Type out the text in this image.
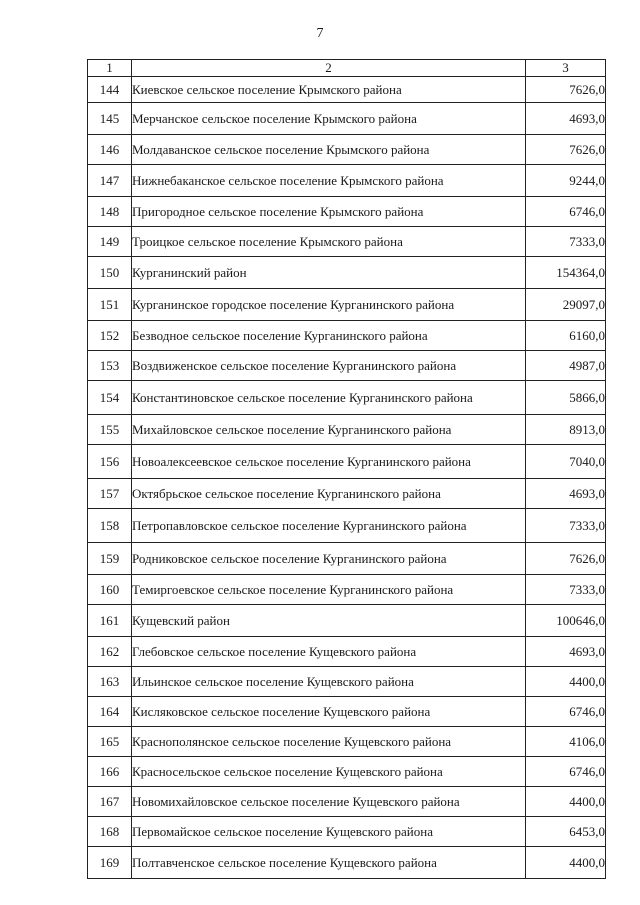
7
1	2	3
144	Киевское сельское поселение Крымского района	7626,0
145	Мерчанское сельское поселение Крымского района	4693,0
146	Молдаванское сельское поселение Крымского района	7626,0
147	Нижнебаканское сельское поселение Крымского района	9244,0
148	Пригородное сельское поселение Крымского района	6746,0
149	Троицкое сельское поселение Крымского района	7333,0
150	Курганинский район	154364,0
151	Курганинское городское поселение Курганинского района	29097,0
152	Безводное сельское поселение Курганинского района	6160,0
153	Воздвиженское сельское поселение Курганинского района	4987,0
154	Константиновское сельское поселение Курганинского района	5866,0
155	Михайловское сельское поселение Курганинского района	8913,0
156	Новоалексеевское сельское поселение Курганинского района	7040,0
157	Октябрьское сельское поселение Курганинского района	4693,0
158	Петропавловское сельское поселение Курганинского района	7333,0
159	Родниковское сельское поселение Курганинского района	7626,0
160	Темиргоевское сельское поселение Курганинского района	7333,0
161	Кущевский район	100646,0
162	Глебовское сельское поселение Кущевского района	4693,0
163	Ильинское сельское поселение Кущевского района	4400,0
164	Кисляковское сельское поселение Кущевского района	6746,0
165	Краснополянское сельское поселение Кущевского района	4106,0
166	Красносельское сельское поселение Кущевского района	6746,0
167	Новомихайловское сельское поселение Кущевского района	4400,0
168	Первомайское сельское поселение Кущевского района	6453,0
169	Полтавченское сельское поселение Кущевского района	4400,0
